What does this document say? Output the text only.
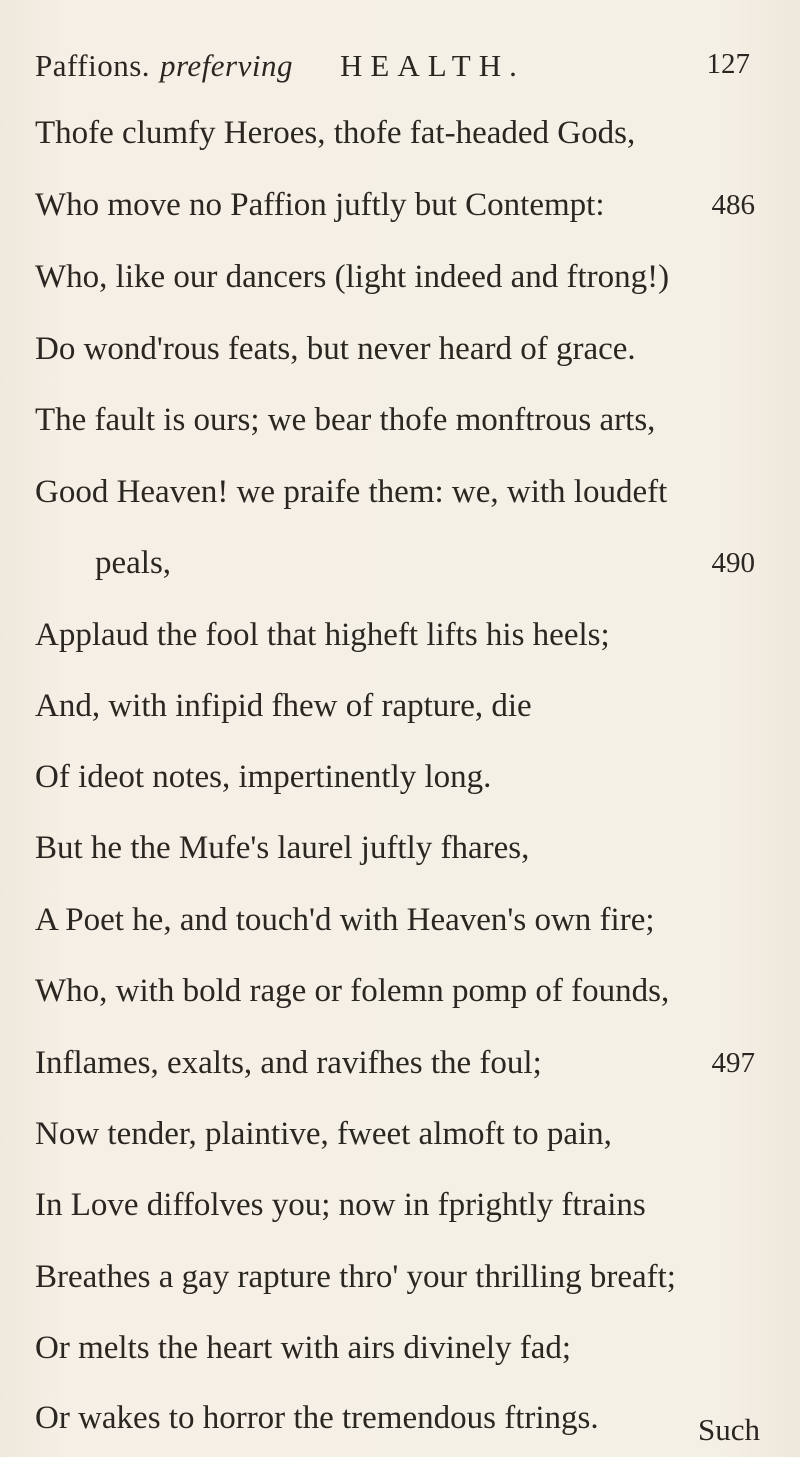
Paffions. preferving HEALTH.	127
Thofe clumfy Heroes, thofe fat-headed Gods,
Who move no Paffion juftly but Contempt:	486
Who, like our dancers (light indeed and ftrong!)
Do wond'rous feats, but never heard of grace.
The fault is ours; we bear thofe monftrous arts,
Good Heaven! we praife them: we, with loudeft
peals,	490
Applaud the fool that higheft lifts his heels;
And, with infipid fhew of rapture, die
Of ideot notes, impertinently long.
But he the Mufe's laurel juftly fhares,
A Poet he, and touch'd with Heaven's own fire;
Who, with bold rage or folemn pomp of founds,
Inflames, exalts, and ravifhes the foul;	497
Now tender, plaintive, fweet almoft to pain,
In Love diffolves you; now in fprightly ftrains
Breathes a gay rapture thro' your thrilling breaft;
Or melts the heart with airs divinely fad;
Or wakes to horror the tremendous ftrings.	Such
